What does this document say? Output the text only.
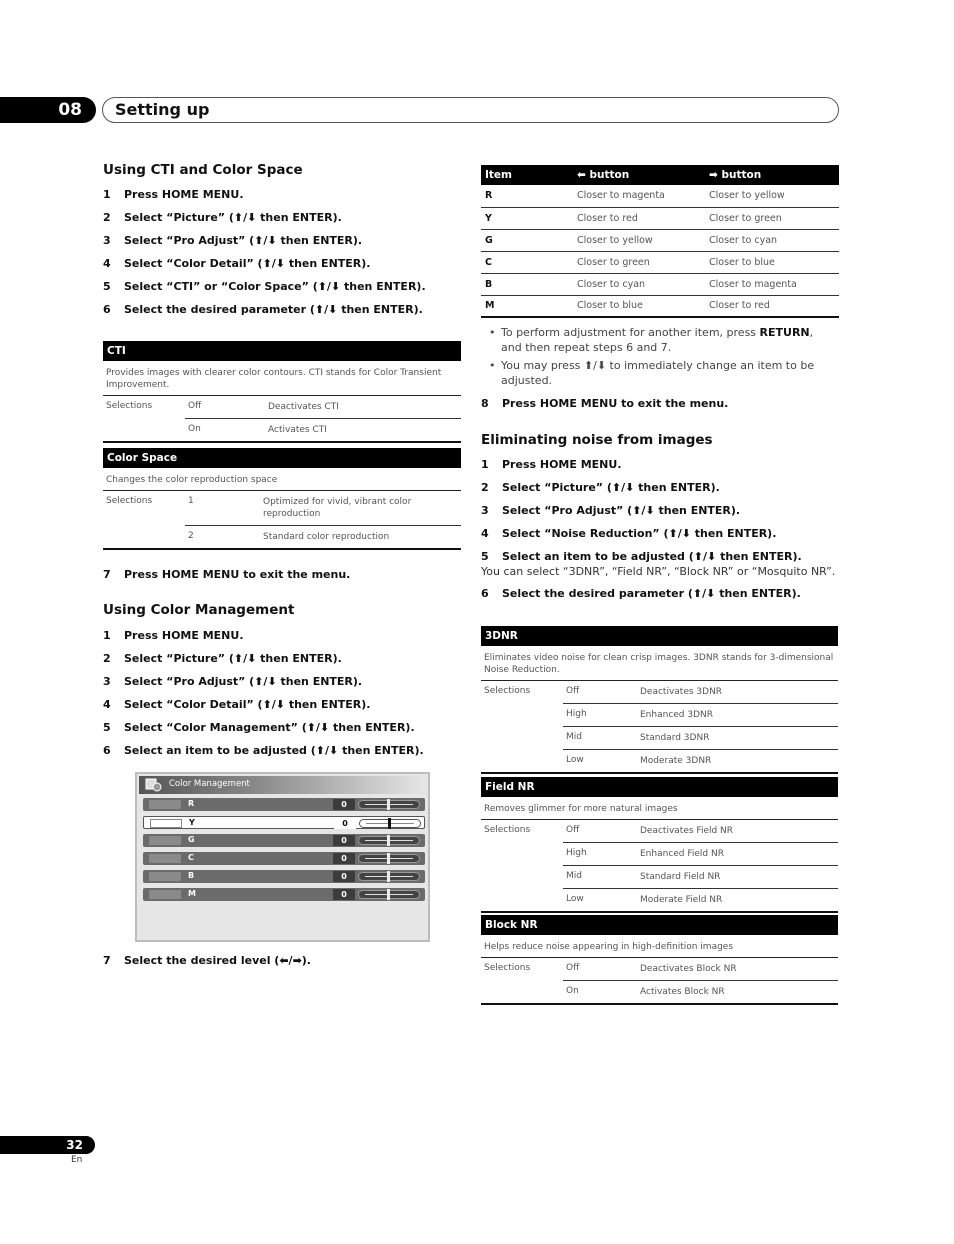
08	Setting up
Using CTI and Color Space
1 Press HOME MENU.
2 Select “Picture” (⬆/⬇ then ENTER).
3 Select “Pro Adjust” (⬆/⬇ then ENTER).
4 Select “Color Detail” (⬆/⬇ then ENTER).
5 Select “CTI” or “Color Space” (⬆/⬇ then ENTER).
6 Select the desired parameter (⬆/⬇ then ENTER).
CTI
Provides images with clearer color contours. CTI stands for Color Transient Improvement.
Selections	Off	Deactivates CTI
On	Activates CTI
Color Space
Changes the color reproduction space
Selections	1	Optimized for vivid, vibrant color reproduction
2	Standard color reproduction
7 Press HOME MENU to exit the menu.
Using Color Management
1 Press HOME MENU.
2 Select “Picture” (⬆/⬇ then ENTER).
3 Select “Pro Adjust” (⬆/⬇ then ENTER).
4 Select “Color Detail” (⬆/⬇ then ENTER).
5 Select “Color Management” (⬆/⬇ then ENTER).
6 Select an item to be adjusted (⬆/⬇ then ENTER).
Color Management
R	0
Y	0
G	0
C	0
B	0
M	0
7 Select the desired level (⬅/➡).
Item	⬅ button	➡ button
R	Closer to magenta	Closer to yellow
Y	Closer to red	Closer to green
G	Closer to yellow	Closer to cyan
C	Closer to green	Closer to blue
B	Closer to cyan	Closer to magenta
M	Closer to blue	Closer to red
• To perform adjustment for another item, press RETURN, and then repeat steps 6 and 7.
• You may press ⬆/⬇ to immediately change an item to be adjusted.
8 Press HOME MENU to exit the menu.
Eliminating noise from images
1 Press HOME MENU.
2 Select “Picture” (⬆/⬇ then ENTER).
3 Select “Pro Adjust” (⬆/⬇ then ENTER).
4 Select “Noise Reduction” (⬆/⬇ then ENTER).
5 Select an item to be adjusted (⬆/⬇ then ENTER).
You can select “3DNR”, “Field NR”, “Block NR” or “Mosquito NR”.
6 Select the desired parameter (⬆/⬇ then ENTER).
3DNR
Eliminates video noise for clean crisp images. 3DNR stands for 3-dimensional Noise Reduction.
Selections	Off	Deactivates 3DNR
High	Enhanced 3DNR
Mid	Standard 3DNR
Low	Moderate 3DNR
Field NR
Removes glimmer for more natural images
Selections	Off	Deactivates Field NR
High	Enhanced Field NR
Mid	Standard Field NR
Low	Moderate Field NR
Block NR
Helps reduce noise appearing in high-definition images
Selections	Off	Deactivates Block NR
On	Activates Block NR
32
En
